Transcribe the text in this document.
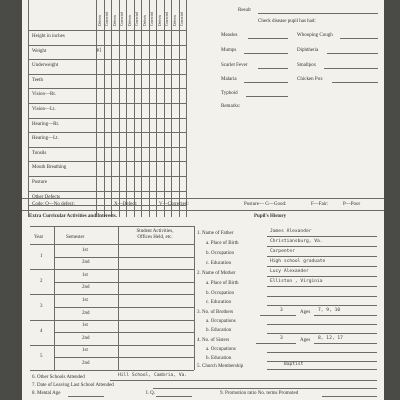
Defects Corrected Defects Corrected Defects Corrected Defects Corrected Defects Corrected Defects Corrected
Height in inches
Weight
Underweight
Teeth
Vision—Rt.
Vision—Lt.
Hearing—Rt.
Hearing—Lt.
Tonsils
Mouth Breathing
Posture
Other Defects
pj
Result
Check disease pupil has had:
Measles
Mumps
Scarlet Fever
Malaria
Typhoid
Whooping Cough
Diphtheria
Smallpox
Chicken Pox
Remarks:
Code: O—No defect:	X—Defect:	V—Corrected:	Posture— G—Good:	F—Fair:	P—Poor
Extra Curricular Activities and Interests.
Year	Semester
Student Activities, Offices Held, etc.
1
1st
2nd
2
1st
2nd
3
1st
2nd
4
1st
2nd
5
1st
2nd
Pupil's History
1. Name of Father	James Alexander
a. Place of Birth	Christiansburg, Va.
b. Occupation	Carpenter
c. Education	High school graduate
2. Name of Mother	Lucy Alexander
a. Place of Birth	Elliston , Virginia
b. Occupation
c. Education
3. No. of Brothers	3	Ages 7, 9, 10
a. Occupations
b. Education
4. No. of Sisters	3	Ages 8, 12, 17
a. Occupations
b. Education
5. Church Membership	Baptist
6. Other Schools Attended	Hill School, Cambria, Va.
7. Date of Leaving Last School Attended
8. Mental Age	I. Q.	9. Promotion ratio No. terms Promoted
